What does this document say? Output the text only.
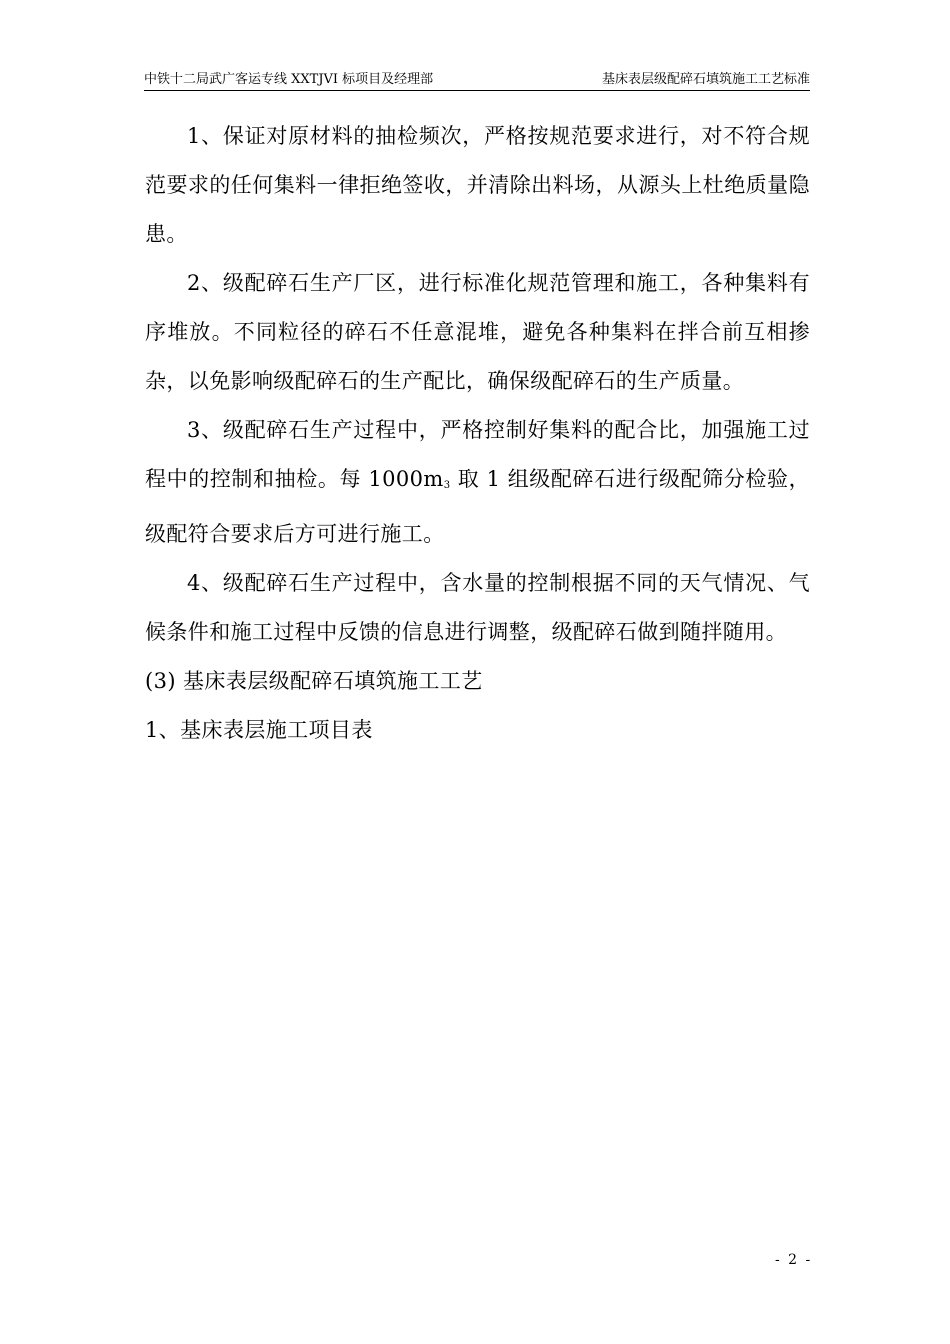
中铁十二局武广客运专线 XXTJVI 标项目及经理部	基床表层级配碎石填筑施工工艺标准

1、保证对原材料的抽检频次，严格按规范要求进行，对不符合规范要求的任何集料一律拒绝签收，并清除出料场，从源头上杜绝质量隐患。

2、级配碎石生产厂区，进行标准化规范管理和施工，各种集料有序堆放。不同粒径的碎石不任意混堆，避免各种集料在拌合前互相掺杂，以免影响级配碎石的生产配比，确保级配碎石的生产质量。

3、级配碎石生产过程中，严格控制好集料的配合比，加强施工过程中的控制和抽检。每 $1000m_3$ 取 1 组级配碎石进行级配筛分检验，级配符合要求后方可进行施工。

4、级配碎石生产过程中，含水量的控制根据不同的天气情况、气候条件和施工过程中反馈的信息进行调整，级配碎石做到随拌随用。

(3) 基床表层级配碎石填筑施工工艺

1、基床表层施工项目表

- 2 -
